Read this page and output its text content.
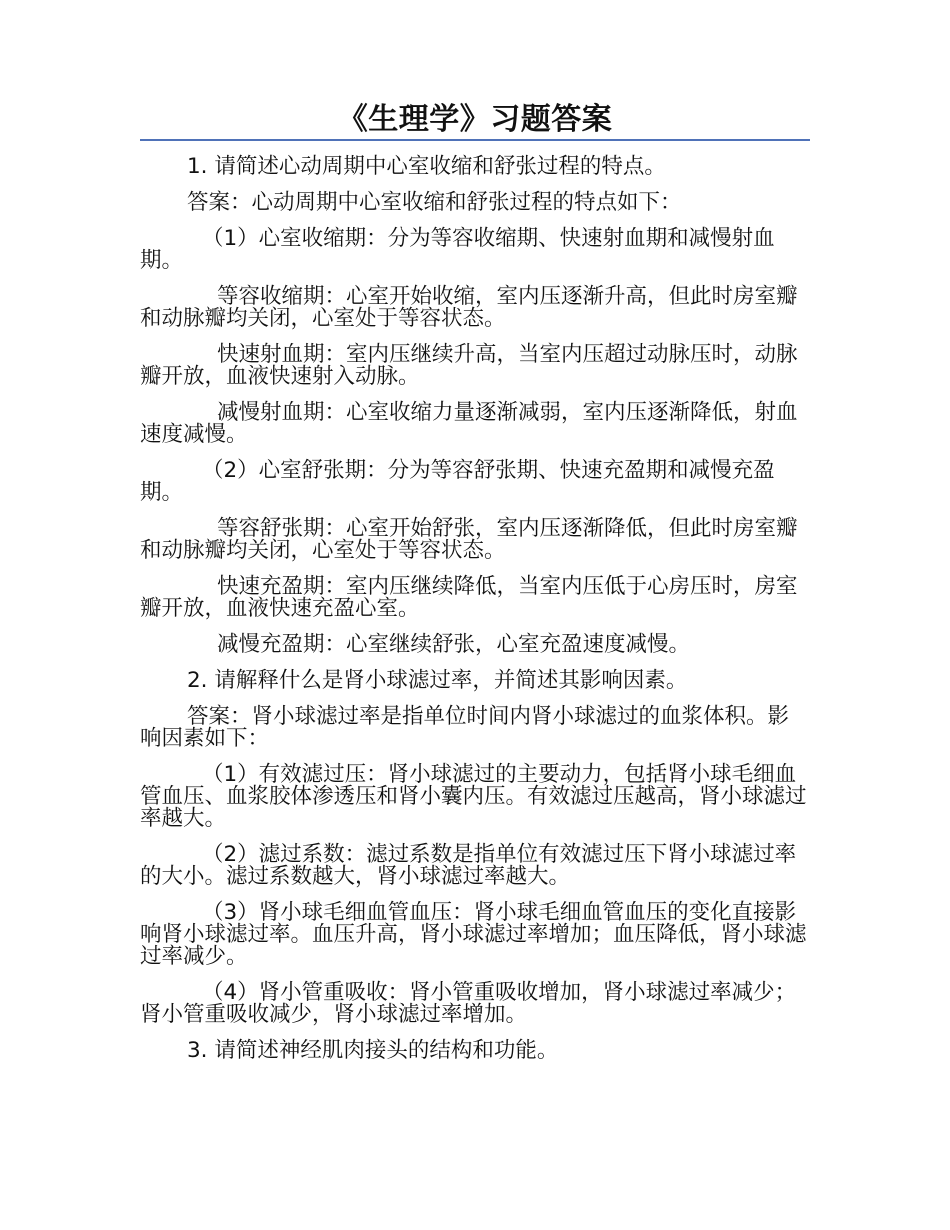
《生理学》习题答案

1. 请简述心动周期中心室收缩和舒张过程的特点。

答案：心动周期中心室收缩和舒张过程的特点如下：

（1）心室收缩期：分为等容收缩期、快速射血期和减慢射血期。

等容收缩期：心室开始收缩，室内压逐渐升高，但此时房室瓣和动脉瓣均关闭，心室处于等容状态。

快速射血期：室内压继续升高，当室内压超过动脉压时，动脉瓣开放，血液快速射入动脉。

减慢射血期：心室收缩力量逐渐减弱，室内压逐渐降低，射血速度减慢。

（2）心室舒张期：分为等容舒张期、快速充盈期和减慢充盈期。

等容舒张期：心室开始舒张，室内压逐渐降低，但此时房室瓣和动脉瓣均关闭，心室处于等容状态。

快速充盈期：室内压继续降低，当室内压低于心房压时，房室瓣开放，血液快速充盈心室。

减慢充盈期：心室继续舒张，心室充盈速度减慢。

2. 请解释什么是肾小球滤过率，并简述其影响因素。

答案：肾小球滤过率是指单位时间内肾小球滤过的血浆体积。影响因素如下：

（1）有效滤过压：肾小球滤过的主要动力，包括肾小球毛细血管血压、血浆胶体渗透压和肾小囊内压。有效滤过压越高，肾小球滤过率越大。

（2）滤过系数：滤过系数是指单位有效滤过压下肾小球滤过率的大小。滤过系数越大，肾小球滤过率越大。

（3）肾小球毛细血管血压：肾小球毛细血管血压的变化直接影响肾小球滤过率。血压升高，肾小球滤过率增加；血压降低，肾小球滤过率减少。

（4）肾小管重吸收：肾小管重吸收增加，肾小球滤过率减少；肾小管重吸收减少，肾小球滤过率增加。

3. 请简述神经肌肉接头的结构和功能。
